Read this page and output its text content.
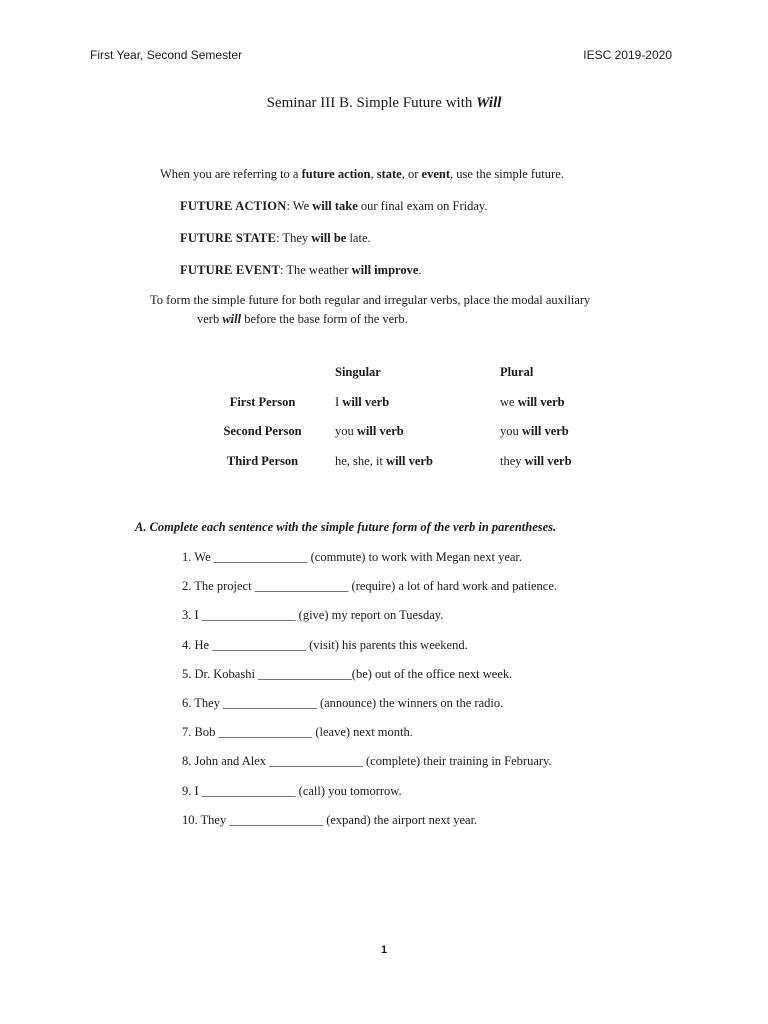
First Year, Second Semester	IESC 2019-2020
Seminar III B. Simple Future with Will
When you are referring to a future action, state, or event, use the simple future.
FUTURE ACTION: We will take our final exam on Friday.
FUTURE STATE: They will be late.
FUTURE EVENT: The weather will improve.
To form the simple future for both regular and irregular verbs, place the modal auxiliary
verb will before the base form of the verb.
	Singular	Plural
First Person	I will verb	we will verb
Second Person	you will verb	you will verb
Third Person	he, she, it will verb	they will verb
A. Complete each sentence with the simple future form of the verb in parentheses.
1. We _______________ (commute) to work with Megan next year.
2. The project _______________ (require) a lot of hard work and patience.
3. I _______________ (give) my report on Tuesday.
4. He _______________ (visit) his parents this weekend.
5. Dr. Kobashi _______________(be) out of the office next week.
6. They _______________ (announce) the winners on the radio.
7. Bob _______________ (leave) next month.
8. John and Alex _______________ (complete) their training in February.
9. I _______________ (call) you tomorrow.
10. They _______________ (expand) the airport next year.
1
